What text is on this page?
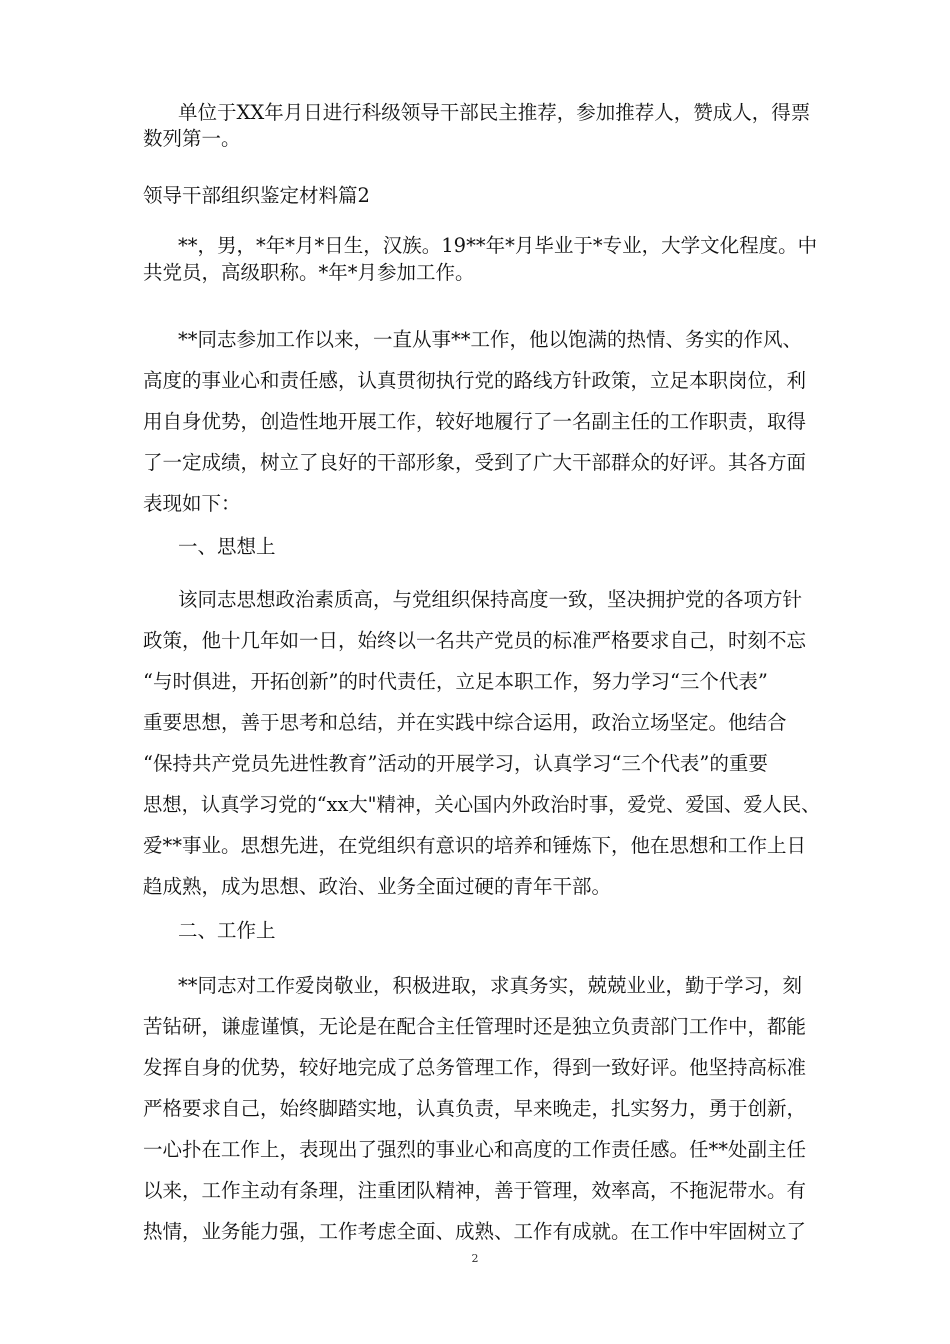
单位于XX年月日进行科级领导干部民主推荐，参加推荐人，赞成人，得票
数列第一。
领导干部组织鉴定材料篇2
**，男，*年*月*日生，汉族。19**年*月毕业于*专业，大学文化程度。中
共党员，高级职称。*年*月参加工作。
**同志参加工作以来，一直从事**工作，他以饱满的热情、务实的作风、
高度的事业心和责任感，认真贯彻执行党的路线方针政策，立足本职岗位，利
用自身优势，创造性地开展工作，较好地履行了一名副主任的工作职责，取得
了一定成绩，树立了良好的干部形象，受到了广大干部群众的好评。其各方面
表现如下：
一、思想上
该同志思想政治素质高，与党组织保持高度一致，坚决拥护党的各项方针
政策，他十几年如一日，始终以一名共产党员的标准严格要求自己，时刻不忘
“与时俱进，开拓创新”的时代责任，立足本职工作，努力学习“三个代表”
重要思想，善于思考和总结，并在实践中综合运用，政治立场坚定。他结合
“保持共产党员先进性教育”活动的开展学习，认真学习“三个代表”的重要
思想，认真学习党的“xx大"精神，关心国内外政治时事，爱党、爱国、爱人民、
爱**事业。思想先进，在党组织有意识的培养和锤炼下，他在思想和工作上日
趋成熟，成为思想、政治、业务全面过硬的青年干部。
二、工作上
**同志对工作爱岗敬业，积极进取，求真务实，兢兢业业，勤于学习，刻
苦钻研，谦虚谨慎，无论是在配合主任管理时还是独立负责部门工作中，都能
发挥自身的优势，较好地完成了总务管理工作，得到一致好评。他坚持高标准
严格要求自己，始终脚踏实地，认真负责，早来晚走，扎实努力，勇于创新，
一心扑在工作上，表现出了强烈的事业心和高度的工作责任感。任**处副主任
以来，工作主动有条理，注重团队精神，善于管理，效率高，不拖泥带水。有
热情，业务能力强，工作考虑全面、成熟、工作有成就。在工作中牢固树立了
2
